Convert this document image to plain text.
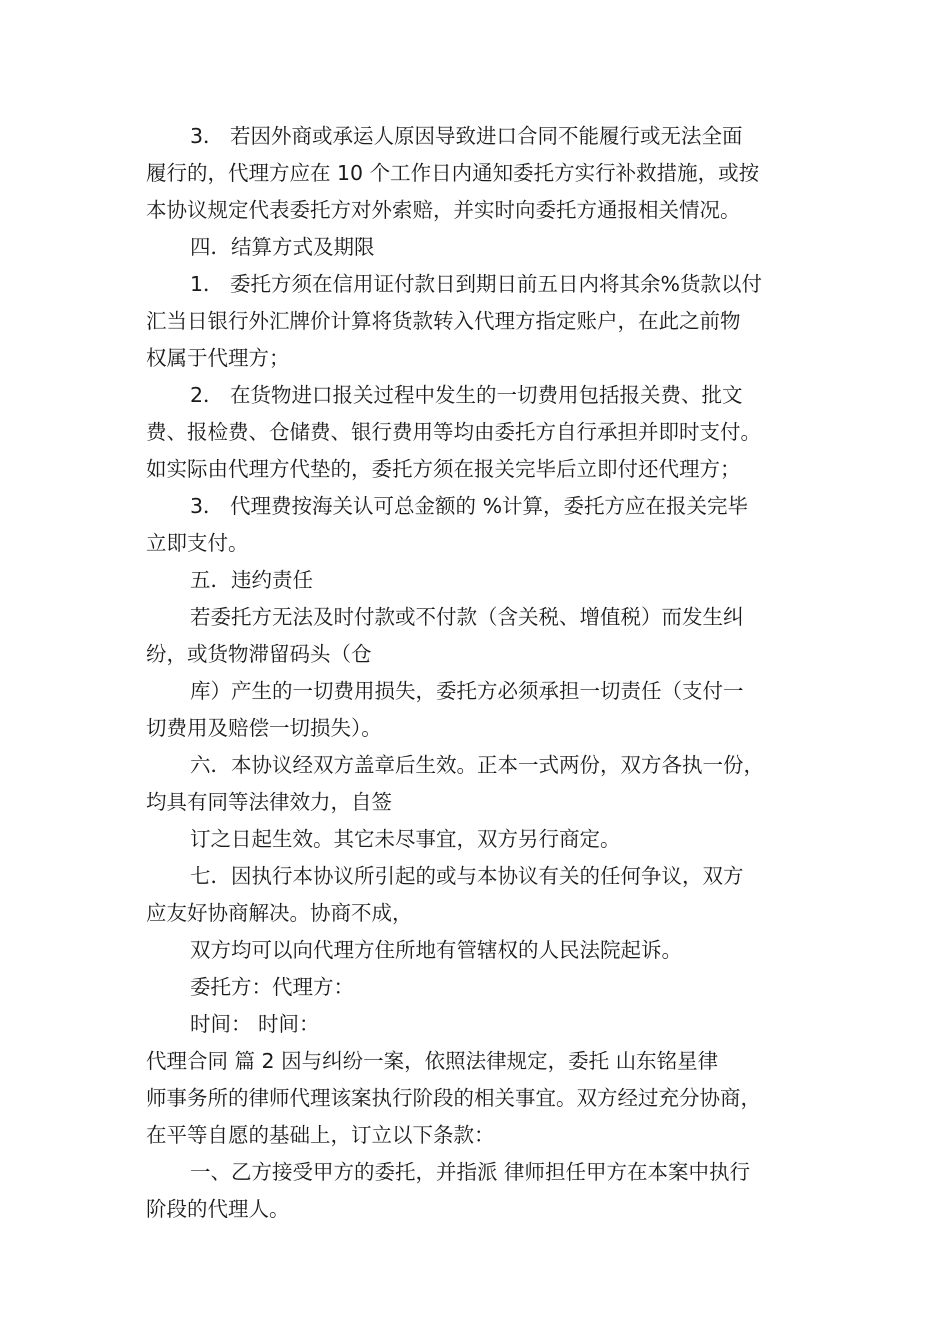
3． 若因外商或承运人原因导致进口合同不能履行或无法全面
履行的，代理方应在 10 个工作日内通知委托方实行补救措施，或按
本协议规定代表委托方对外索赔，并实时向委托方通报相关情况。
四．结算方式及期限
1． 委托方须在信用证付款日到期日前五日内将其余%货款以付
汇当日银行外汇牌价计算将货款转入代理方指定账户，在此之前物
权属于代理方；
2． 在货物进口报关过程中发生的一切费用包括报关费、批文
费、报检费、仓储费、银行费用等均由委托方自行承担并即时支付。
如实际由代理方代垫的，委托方须在报关完毕后立即付还代理方；
3． 代理费按海关认可总金额的 %计算，委托方应在报关完毕
立即支付。
五．违约责任
若委托方无法及时付款或不付款（含关税、增值税）而发生纠
纷，或货物滞留码头（仓
库）产生的一切费用损失，委托方必须承担一切责任（支付一
切费用及赔偿一切损失）。
六．本协议经双方盖章后生效。正本一式两份，双方各执一份，
均具有同等法律效力，自签
订之日起生效。其它未尽事宜，双方另行商定。
七．因执行本协议所引起的或与本协议有关的任何争议，双方
应友好协商解决。协商不成，
双方均可以向代理方住所地有管辖权的人民法院起诉。
委托方：代理方：
时间： 时间：
代理合同 篇 2 因与纠纷一案，依照法律规定，委托 山东铭星律
师事务所的律师代理该案执行阶段的相关事宜。双方经过充分协商，
在平等自愿的基础上，订立以下条款：
一、乙方接受甲方的委托，并指派 律师担任甲方在本案中执行
阶段的代理人。
